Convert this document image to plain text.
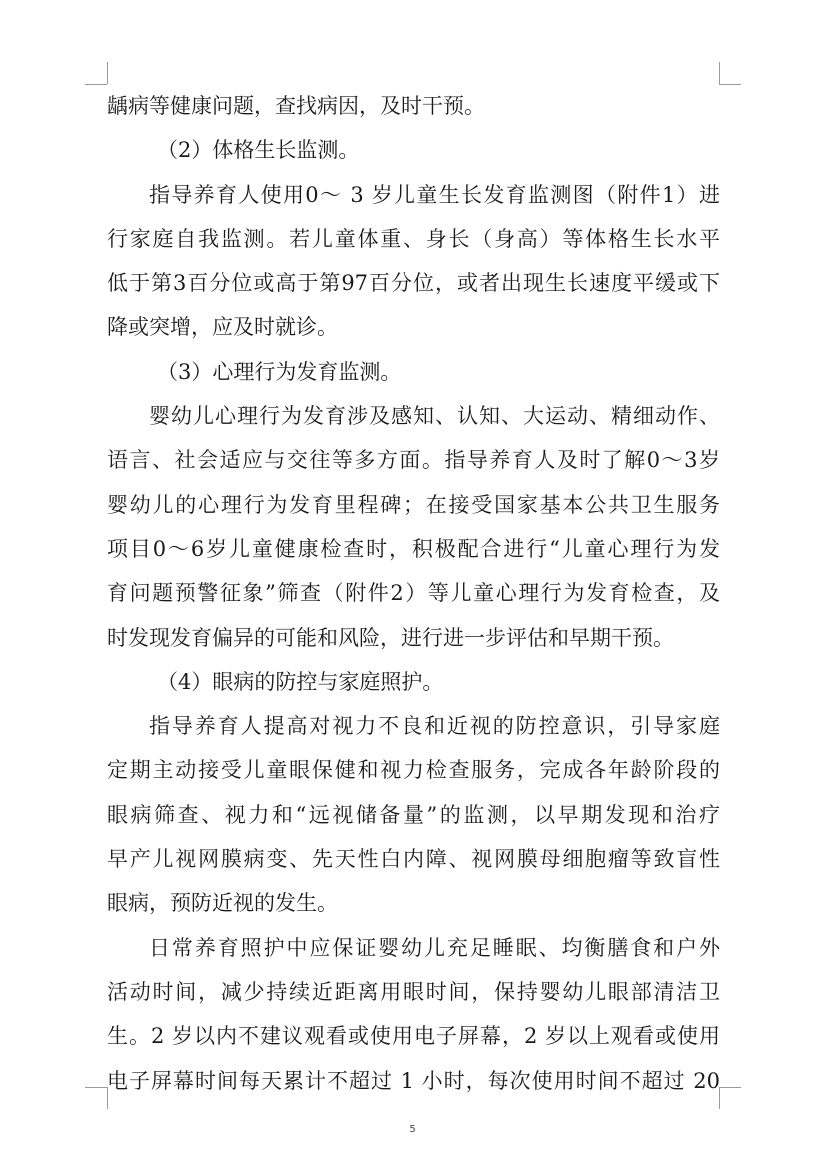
龋病等健康问题，查找病因，及时干预。
（2）体格生长监测。
指导养育人使用0～ 3 岁儿童生长发育监测图（附件1）进
行家庭自我监测。若儿童体重、身长（身高）等体格生长水平
低于第3百分位或高于第97百分位，或者出现生长速度平缓或下
降或突增，应及时就诊。
（3）心理行为发育监测。
婴幼儿心理行为发育涉及感知、认知、大运动、精细动作、
语言、社会适应与交往等多方面。指导养育人及时了解0～3岁
婴幼儿的心理行为发育里程碑；在接受国家基本公共卫生服务
项目0～6岁儿童健康检查时，积极配合进行“儿童心理行为发
育问题预警征象”筛查（附件2）等儿童心理行为发育检查，及
时发现发育偏异的可能和风险，进行进一步评估和早期干预。
（4）眼病的防控与家庭照护。
指导养育人提高对视力不良和近视的防控意识，引导家庭
定期主动接受儿童眼保健和视力检查服务，完成各年龄阶段的
眼病筛查、视力和“远视储备量”的监测，以早期发现和治疗
早产儿视网膜病变、先天性白内障、视网膜母细胞瘤等致盲性
眼病，预防近视的发生。
日常养育照护中应保证婴幼儿充足睡眠、均衡膳食和户外
活动时间，减少持续近距离用眼时间，保持婴幼儿眼部清洁卫
生。2 岁以内不建议观看或使用电子屏幕，2 岁以上观看或使用
电子屏幕时间每天累计不超过 1 小时，每次使用时间不超过 20
5
